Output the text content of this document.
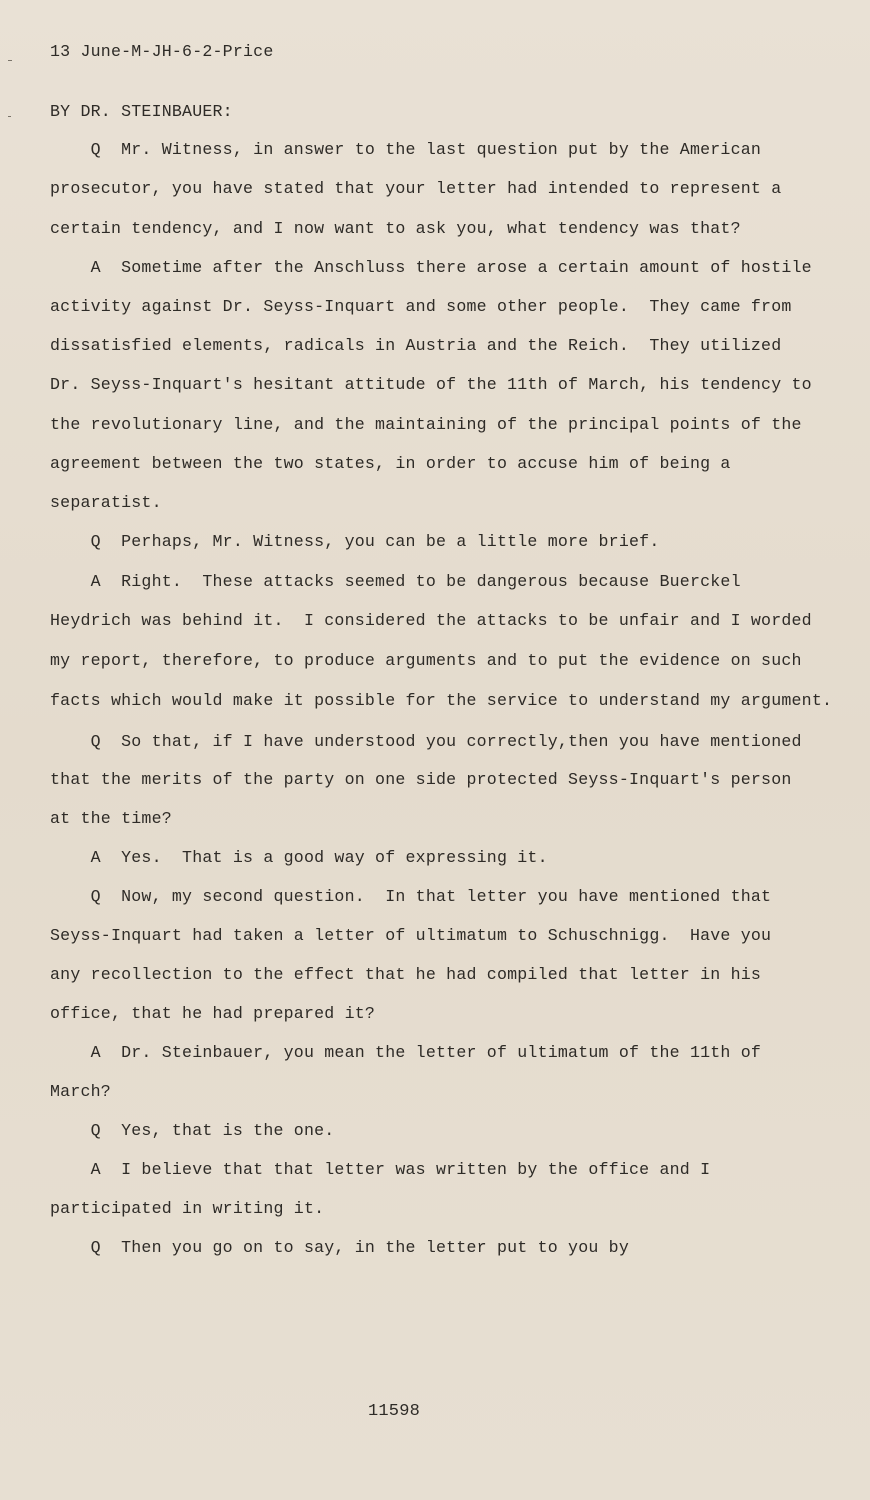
13 June-M-JH-6-2-Price
BY DR. STEINBAUER:
Q  Mr. Witness, in answer to the last question put by the American
prosecutor, you have stated that your letter had intended to represent a
certain tendency, and I now want to ask you, what tendency was that?
A  Sometime after the Anschluss there arose a certain amount of hostile
activity against Dr. Seyss-Inquart and some other people.  They came from
dissatisfied elements, radicals in Austria and the Reich.  They utilized
Dr. Seyss-Inquart's hesitant attitude of the 11th of March, his tendency to
the revolutionary line, and the maintaining of the principal points of the
agreement between the two states, in order to accuse him of being a
separatist.
Q  Perhaps, Mr. Witness, you can be a little more brief.
A  Right.  These attacks seemed to be dangerous because Buerckel
Heydrich was behind it.  I considered the attacks to be unfair and I worded
my report, therefore, to produce arguments and to put the evidence on such
facts which would make it possible for the service to understand my argument.
Q  So that, if I have understood you correctly,then you have mentioned
that the merits of the party on one side protected Seyss-Inquart's person
at the time?
A  Yes.  That is a good way of expressing it.
Q  Now, my second question.  In that letter you have mentioned that
Seyss-Inquart had taken a letter of ultimatum to Schuschnigg.  Have you
any recollection to the effect that he had compiled that letter in his
office, that he had prepared it?
A  Dr. Steinbauer, you mean the letter of ultimatum of the 11th of
March?
Q  Yes, that is the one.
A  I believe that that letter was written by the office and I
participated in writing it.
Q  Then you go on to say, in the letter put to you by
11598
